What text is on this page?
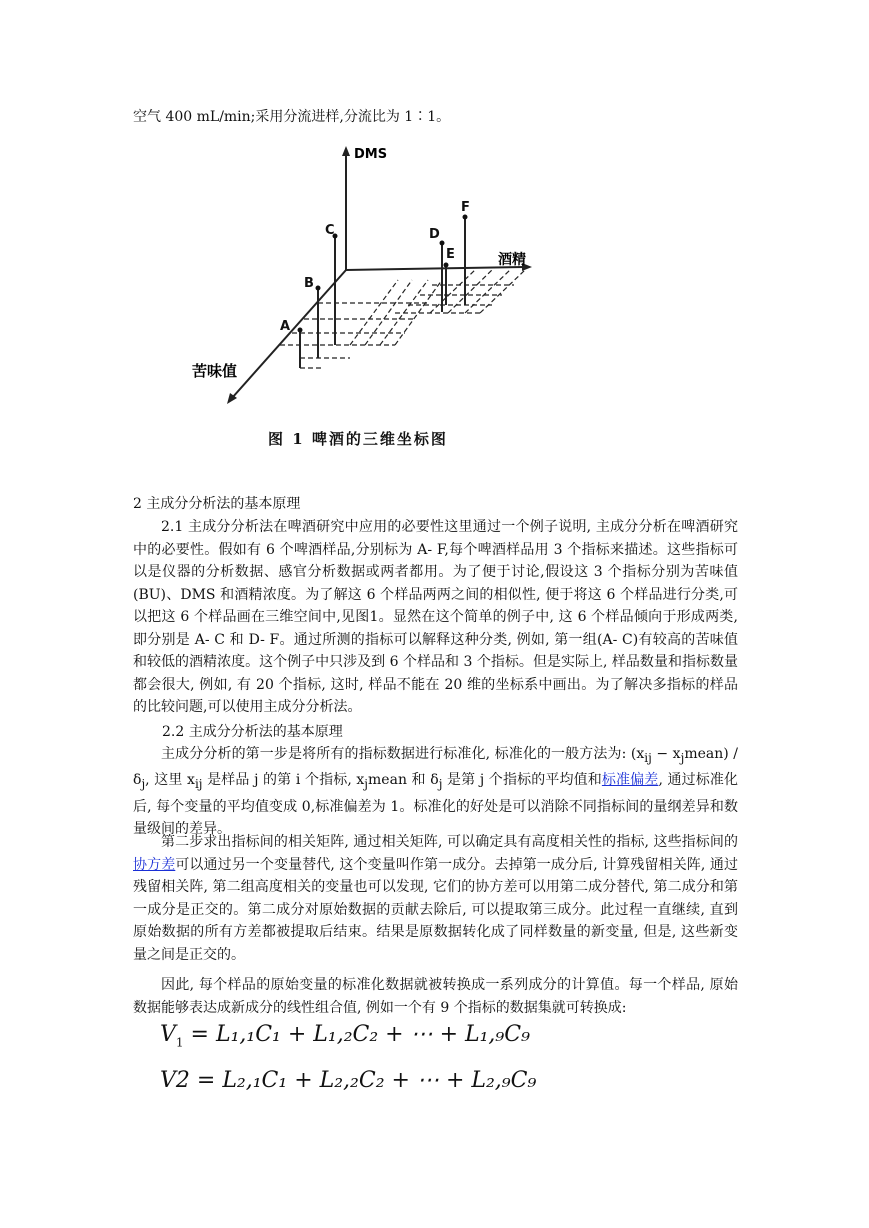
空气 400 mL/min;采用分流进样,分流比为 1∶1。
DMS
酒精
苦味值
A
B
C	D
E
F
图 1 啤酒的三维坐标图
2 主成分分析法的基本原理
2.1 主成分分析法在啤酒研究中应用的必要性这里通过一个例子说明, 主成分分析在啤酒研究中的必要性。假如有 6 个啤酒样品,分别标为 A- F,每个啤酒样品用 3 个指标来描述。这些指标可以是仪器的分析数据、感官分析数据或两者都用。为了便于讨论,假设这 3 个指标分别为苦味值(BU)、DMS 和酒精浓度。为了解这 6 个样品两两之间的相似性, 便于将这 6 个样品进行分类,可以把这 6 个样品画在三维空间中,见图1。显然在这个简单的例子中, 这 6 个样品倾向于形成两类, 即分别是 A- C 和 D- F。通过所测的指标可以解释这种分类, 例如, 第一组(A- C)有较高的苦味值和较低的酒精浓度。这个例子中只涉及到 6 个样品和 3 个指标。但是实际上, 样品数量和指标数量都会很大, 例如, 有 20 个指标, 这时, 样品不能在 20 维的坐标系中画出。为了解决多指标的样品的比较问题,可以使用主成分分析法。
2.2 主成分分析法的基本原理
主成分分析的第一步是将所有的指标数据进行标准化, 标准化的一般方法为: ($x_{ij}$ − $x_jmean) / \delta_j$, 这里 $x_{ij}$ 是样品 j 的第 i 个指标, $x_jmean$ 和 $\delta_j$ 是第 j 个指标的平均值和标准偏差, 通过标准化后, 每个变量的平均值变成 0,标准偏差为 1。标准化的好处是可以消除不同指标间的量纲差异和数量级间的差异。
第二步求出指标间的相关矩阵, 通过相关矩阵, 可以确定具有高度相关性的指标, 这些指标间的协方差可以通过另一个变量替代, 这个变量叫作第一成分。去掉第一成分后, 计算残留相关阵, 通过残留相关阵, 第二组高度相关的变量也可以发现, 它们的协方差可以用第二成分替代, 第二成分和第一成分是正交的。第二成分对原始数据的贡献去除后, 可以提取第三成分。此过程一直继续, 直到原始数据的所有方差都被提取后结束。结果是原数据转化成了同样数量的新变量, 但是, 这些新变量之间是正交的。
因此, 每个样品的原始变量的标准化数据就被转换成一系列成分的计算值。每一个样品, 原始数据能够表达成新成分的线性组合值, 例如一个有 9 个指标的数据集就可转换成:
$V_1 = L_1,_1C_1 + L_1,_2C_2$ + ⋯ + L₁,₉C₉
V2 = L₂,₁C₁ + L₂,₂C₂ + ⋯ + L₂,₉C₉
